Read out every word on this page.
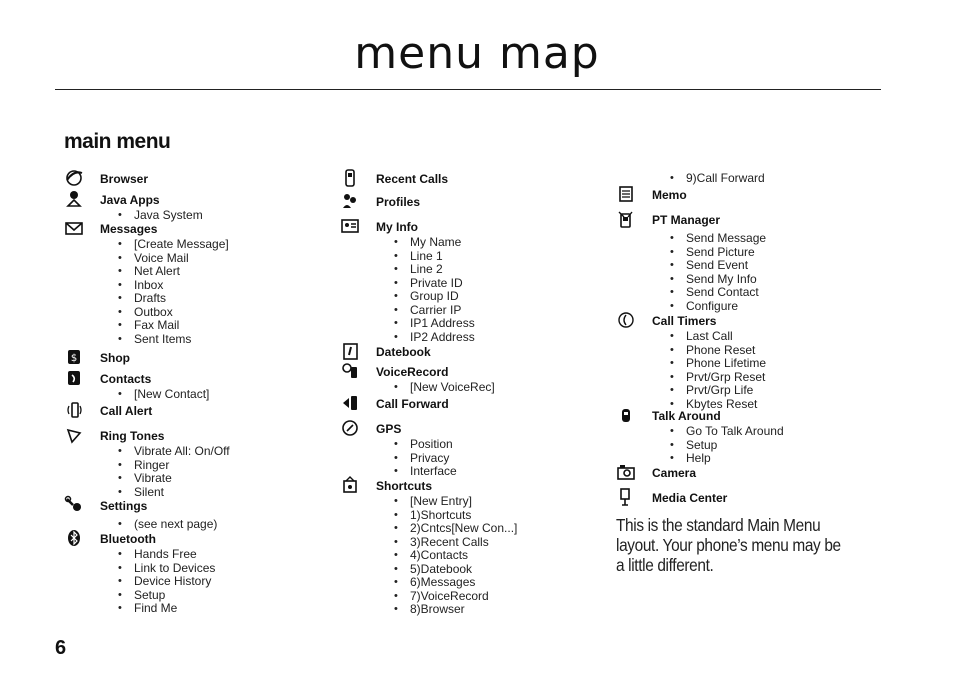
menu map
main menu
Browser
Java Apps
• Java System
Messages
• [Create Message]
• Voice Mail
• Net Alert
• Inbox
• Drafts
• Outbox
• Fax Mail
• Sent Items
$ Shop
Contacts
• [New Contact]
Call Alert
Ring Tones
• Vibrate All: On/Off
• Ringer
• Vibrate
• Silent
Settings
• (see next page)
Bluetooth
• Hands Free
• Link to Devices
• Device History
• Setup
• Find Me
Recent Calls
Profiles
My Info
• My Name
• Line 1
• Line 2
• Private ID
• Group ID
• Carrier IP
• IP1 Address
• IP2 Address
Datebook
VoiceRecord
• [New VoiceRec]
Call Forward
GPS
• Position
• Privacy
• Interface
Shortcuts
• [New Entry]
• 1)Shortcuts
• 2)Cntcs[New Con...]
• 3)Recent Calls
• 4)Contacts
• 5)Datebook
• 6)Messages
• 7)VoiceRecord
• 8)Browser
• 9)Call Forward
Memo
PT Manager
• Send Message
• Send Picture
• Send Event
• Send My Info
• Send Contact
• Configure
Call Timers
• Last Call
• Phone Reset
• Phone Lifetime
• Prvt/Grp Reset
• Prvt/Grp Life
• Kbytes Reset
Talk Around
• Go To Talk Around
• Setup
• Help
Camera
Media Center
This is the standard Main Menu layout. Your phone’s menu may be a little different.
6
